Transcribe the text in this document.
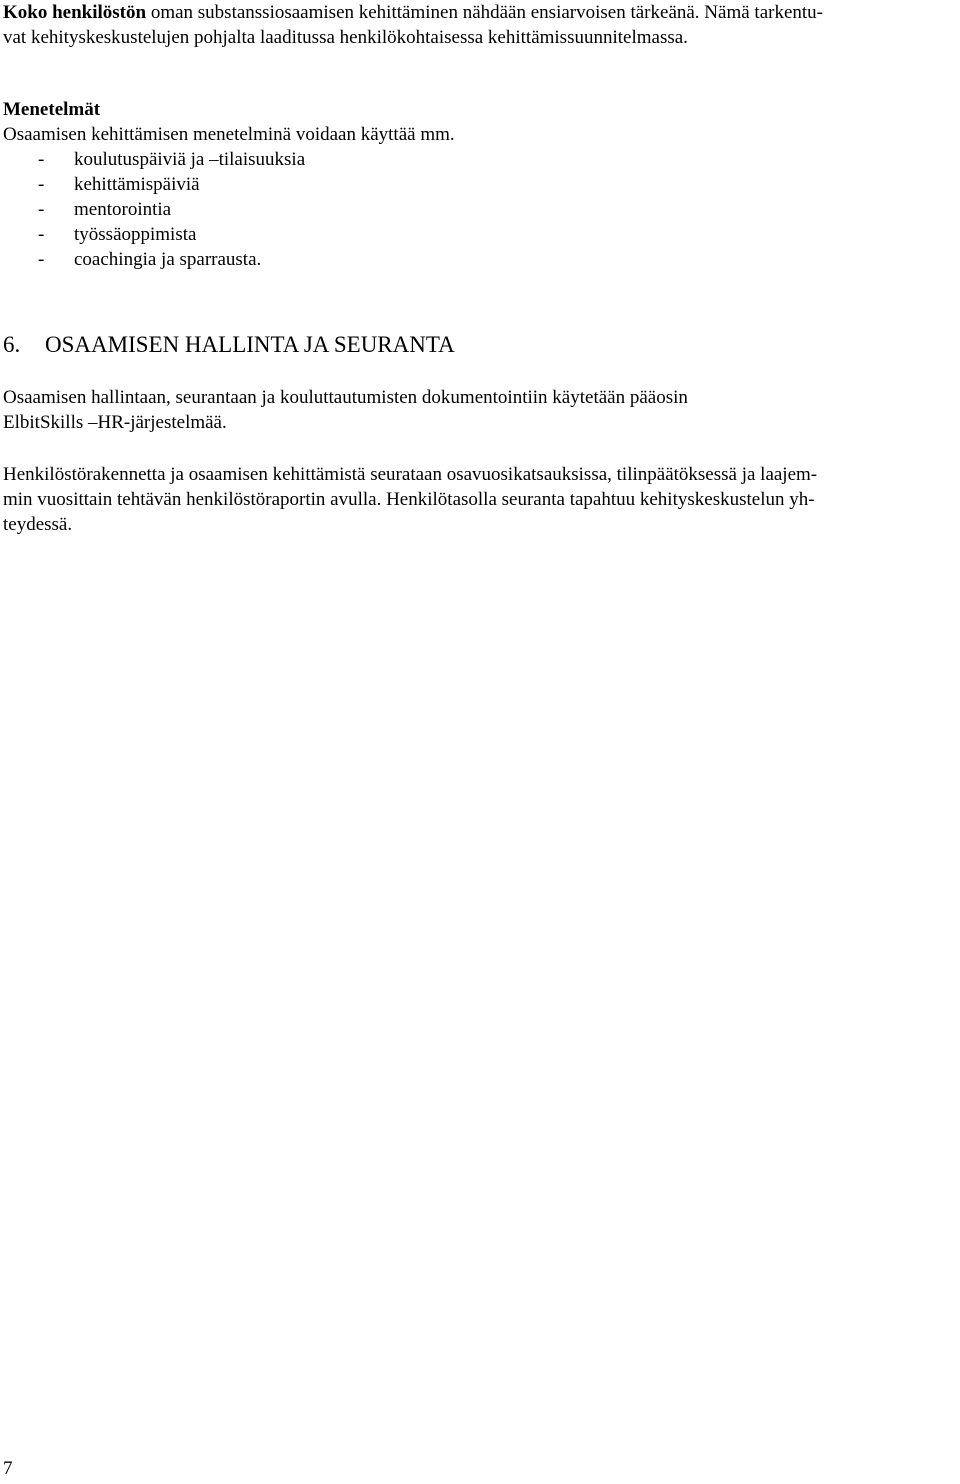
Koko henkilöstön oman substanssiosaamisen kehittäminen nähdään ensiarvoisen tärkeänä. Nämä tarkentu-

vat kehityskeskustelujen pohjalta laaditussa henkilökohtaisessa kehittämissuunnitelmassa.

Menetelmät

Osaamisen kehittämisen menetelminä voidaan käyttää mm.

- koulutuspäiviä ja –tilaisuuksia
- kehittämispäiviä
- mentorointia
- työssäoppimista
- coachingia ja sparrausta.
6. OSAAMISEN HALLINTA JA SEURANTA

Osaamisen hallintaan, seurantaan ja kouluttautumisten dokumentointiin käytetään pääosin

ElbitSkills –HR-järjestelmää.

Henkilöstörakennetta ja osaamisen kehittämistä seurataan osavuosikatsauksissa, tilinpäätöksessä ja laajem-

min vuosittain tehtävän henkilöstöraportin avulla. Henkilötasolla seuranta tapahtuu kehityskeskustelun yh-

teydessä.

7
